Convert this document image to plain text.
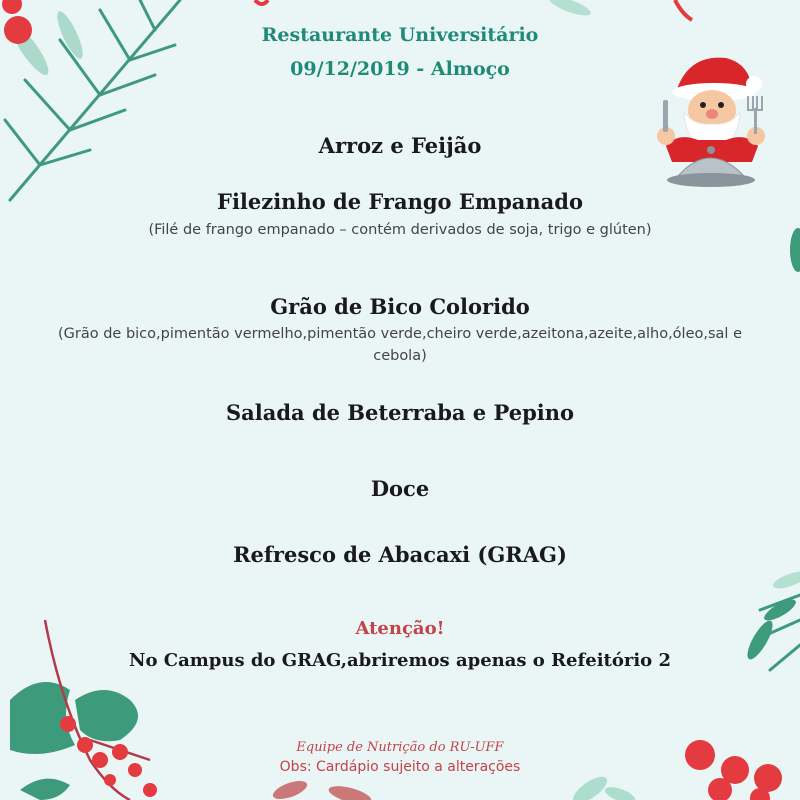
Restaurante Universitário
09/12/2019 - Almoço
Arroz e Feijão
Filezinho de Frango Empanado
(Filé de frango empanado – contém derivados de soja, trigo e glúten)
Grão de Bico Colorido
(Grão de bico,pimentão vermelho,pimentão verde,cheiro verde,azeitona,azeite,alho,óleo,sal e cebola)
Salada de Beterraba e Pepino
Doce
Refresco de Abacaxi (GRAG)
Atenção!
No Campus do GRAG,abriremos apenas o Refeitório 2
Equipe de Nutrição do RU-UFF
Obs: Cardápio sujeito a alterações
